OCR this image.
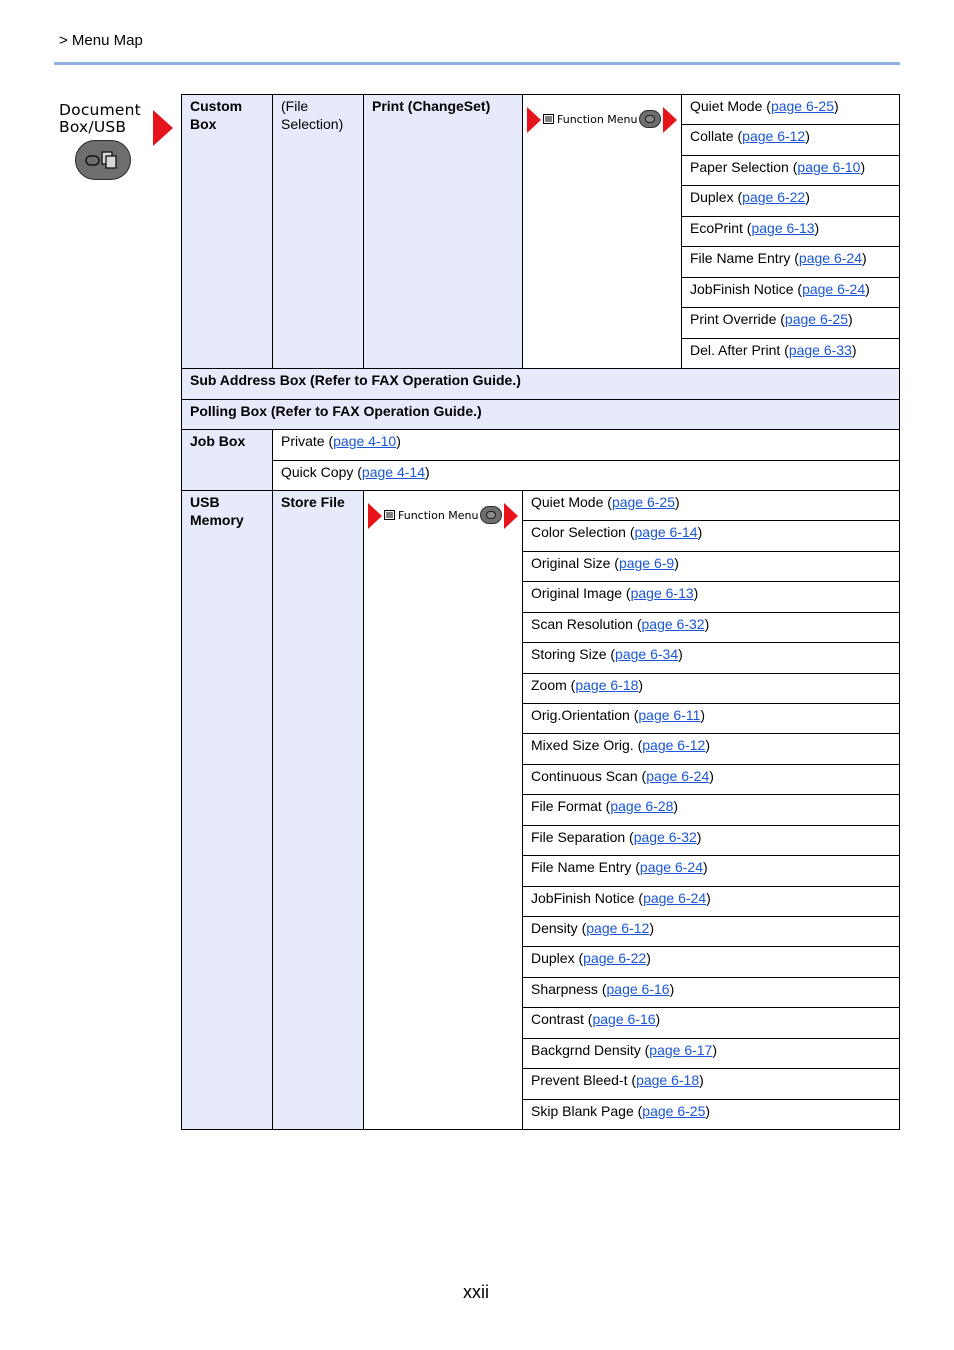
> Menu Map
Document
Box/USB
Custom Box
(File Selection)
Print (ChangeSet)
Function Menu
Quiet Mode (page 6-25)
Collate (page 6-12)
Paper Selection (page 6-10)
Duplex (page 6-22)
EcoPrint (page 6-13)
File Name Entry (page 6-24)
JobFinish Notice (page 6-24)
Print Override (page 6-25)
Del. After Print (page 6-33)
Sub Address Box (Refer to FAX Operation Guide.)
Polling Box (Refer to FAX Operation Guide.)
Job Box	Private (page 4-10)
Quick Copy (page 4-14)
USB Memory
Store File
Function Menu
Quiet Mode (page 6-25)
Color Selection (page 6-14)
Original Size (page 6-9)
Original Image (page 6-13)
Scan Resolution (page 6-32)
Storing Size (page 6-34)
Zoom (page 6-18)
Orig.Orientation (page 6-11)
Mixed Size Orig. (page 6-12)
Continuous Scan (page 6-24)
File Format (page 6-28)
File Separation (page 6-32)
File Name Entry (page 6-24)
JobFinish Notice (page 6-24)
Density (page 6-12)
Duplex (page 6-22)
Sharpness (page 6-16)
Contrast (page 6-16)
Backgrnd Density (page 6-17)
Prevent Bleed-t (page 6-18)
Skip Blank Page (page 6-25)
xxii
